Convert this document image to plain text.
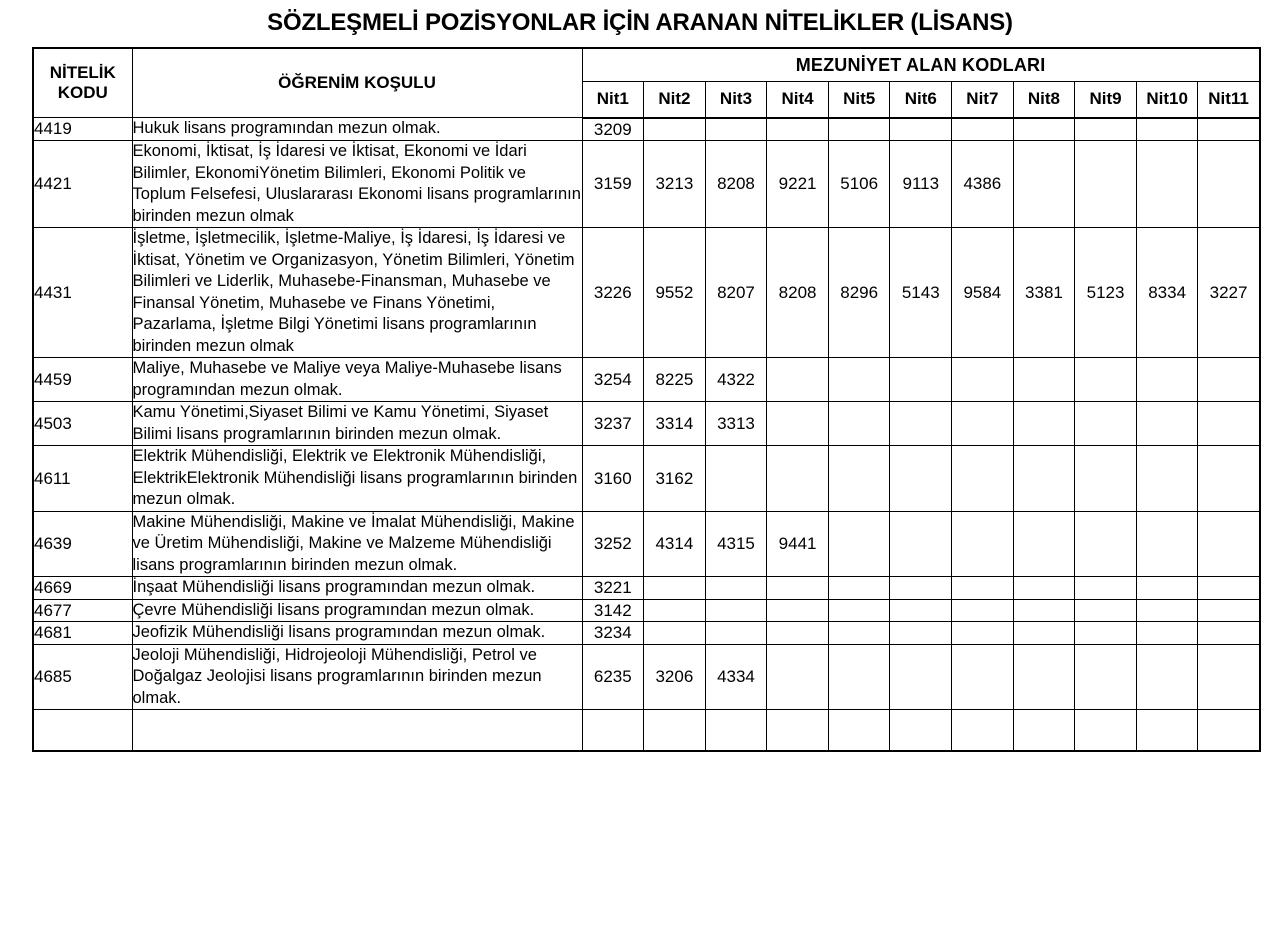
SÖZLEŞMELİ POZİSYONLAR İÇİN ARANAN NİTELİKLER (LİSANS)
NİTELİK
KODU	ÖĞRENİM KOŞULU	MEZUNİYET ALAN KODLARI										
		Nit1	Nit2	Nit3	Nit4	Nit5	Nit6	Nit7	Nit8	Nit9	Nit10	Nit11
4419	Hukuk lisans programından mezun olmak.	3209										
4421	Ekonomi, İktisat, İş İdaresi ve İktisat, Ekonomi ve İdari Bilimler, EkonomiYönetim Bilimleri, Ekonomi Politik ve Toplum Felsefesi, Uluslararası Ekonomi lisans programlarının birinden mezun olmak	3159	3213	8208	9221	5106	9113	4386				
4431	İşletme, İşletmecilik, İşletme-Maliye, İş İdaresi, İş İdaresi ve İktisat, Yönetim ve Organizasyon, Yönetim Bilimleri, Yönetim Bilimleri ve Liderlik, Muhasebe-Finansman, Muhasebe ve Finansal Yönetim, Muhasebe ve Finans Yönetimi, Pazarlama, İşletme Bilgi Yönetimi lisans programlarının birinden mezun olmak	3226	9552	8207	8208	8296	5143	9584	3381	5123	8334	3227
4459	Maliye, Muhasebe ve Maliye veya Maliye-Muhasebe lisans programından mezun olmak.	3254	8225	4322								
4503	Kamu Yönetimi,Siyaset Bilimi ve Kamu Yönetimi, Siyaset Bilimi lisans programlarının birinden mezun olmak.	3237	3314	3313								
4611	Elektrik Mühendisliği, Elektrik ve Elektronik Mühendisliği, ElektrikElektronik Mühendisliği lisans programlarının birinden mezun olmak.	3160	3162									
4639	Makine Mühendisliği, Makine ve İmalat Mühendisliği, Makine ve Üretim Mühendisliği, Makine ve Malzeme Mühendisliği lisans programlarının birinden mezun olmak.	3252	4314	4315	9441							
4669	İnşaat Mühendisliği lisans programından mezun olmak.	3221										
4677	Çevre Mühendisliği lisans programından mezun olmak.	3142										
4681	Jeofizik Mühendisliği lisans programından mezun olmak.	3234										
4685	Jeoloji Mühendisliği, Hidrojeoloji Mühendisliği, Petrol ve Doğalgaz Jeolojisi lisans programlarının birinden mezun olmak.	6235	3206	4334								
